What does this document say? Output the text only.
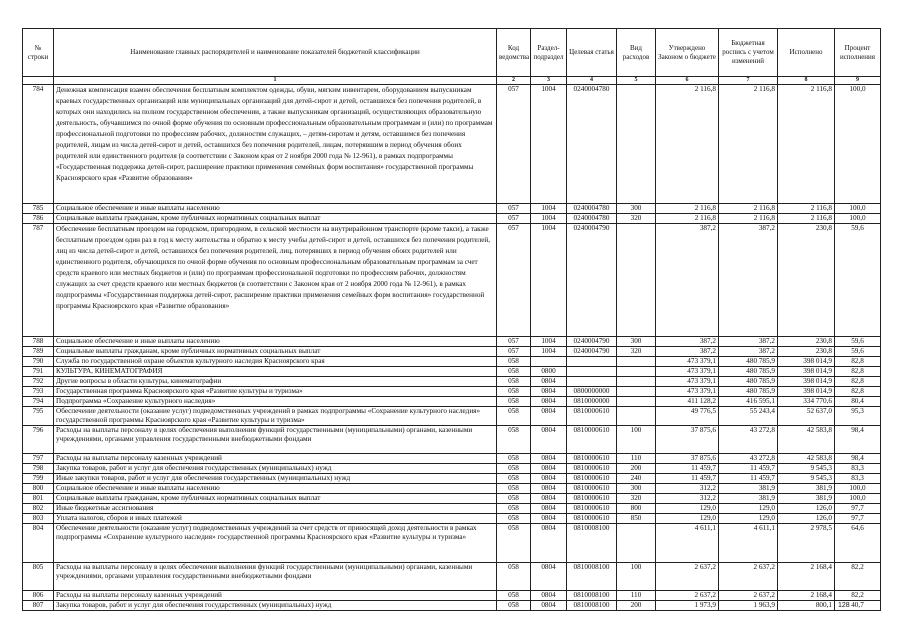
№ строки	Наименование главных распорядителей и наименование показателей бюджетной классификации	Код ведомства	Раздел-подраздел	Целевая статья	Вид расходов	Утверждено Законом о бюджете	Бюджетная роспись с учетом изменений	Исполнено	Процент исполнения
	1	2	3	4	5	6	7	8	9
784	Денежная компенсация взамен обеспечения бесплатным комплектом одежды, обуви, мягким инвентарем, оборудованием выпускникам краевых государственных организаций или муниципальных организаций для детей-сирот и детей, оставшихся без попечения родителей, в которых они находились на полном государственном обеспечении, а также выпускникам организаций, осуществляющих образовательную деятельность, обучавшимся по очной форме обучения по основным профессиональным образовательным программам и (или) по программам профессиональной подготовки по профессиям рабочих, должностям служащих, – детям-сиротам и детям, оставшимся без попечения родителей, лицам из числа детей-сирот и детей, оставшихся без попечения родителей, лицам, потерявшим в период обучения обоих родителей или единственного родителя (в соответствии с Законом края от 2 ноября 2000 года № 12-961), в рамках подпрограммы «Государственная поддержка детей-сирот, расширение практики применения семейных форм воспитания» государственной программы Красноярского края «Развитие образования»	057	1004	0240004780		2 116,8	2 116,8	2 116,8	100,0
785	Социальное обеспечение и иные выплаты населению	057	1004	0240004780	300	2 116,8	2 116,8	2 116,8	100,0
786	Социальные выплаты гражданам, кроме публичных нормативных социальных выплат	057	1004	0240004780	320	2 116,8	2 116,8	2 116,8	100,0
787	Обеспечение бесплатным проездом на городском, пригородном, в сельской местности на внутрирайонном транспорте (кроме такси), а также бесплатным проездом один раз в год к месту жительства и обратно к месту учебы детей-сирот и детей, оставшихся без попечения родителей, лиц из числа детей-сирот и детей, оставшихся без попечения родителей, лиц, потерявших в период обучения обоих родителей или единственного родителя, обучающихся по очной форме обучения по основным профессиональным образовательным программам за счет средств краевого или местных бюджетов и (или) по программам профессиональной подготовки по профессиям рабочих, должностям служащих за счет средств краевого или местных бюджетов (в соответствии с Законом края от 2 ноября 2000 года № 12-961), в рамках подпрограммы «Государственная поддержка детей-сирот, расширение практики применения семейных форм воспитания» государственной программы Красноярского края «Развитие образования»	057	1004	0240004790		387,2	387,2	230,8	59,6
788	Социальное обеспечение и иные выплаты населению	057	1004	0240004790	300	387,2	387,2	230,8	59,6
789	Социальные выплаты гражданам, кроме публичных нормативных социальных выплат	057	1004	0240004790	320	387,2	387,2	230,8	59,6
790	Служба по государственной охране объектов культурного наследия Красноярского края	058				473 379,1	480 785,9	398 014,9	82,8
791	КУЛЬТУРА, КИНЕМАТОГРАФИЯ	058	0800			473 379,1	480 785,9	398 014,9	82,8
792	Другие вопросы в области культуры, кинематографии	058	0804			473 379,1	480 785,9	398 014,9	82,8
793	Государственная программа Красноярского края «Развитие культуры и туризма»	058	0804	0800000000		473 379,1	480 785,9	398 014,9	82,8
794	Подпрограмма «Сохранение культурного наследия»	058	0804	0810000000		411 128,2	416 595,1	334 770,6	80,4
795	Обеспечение деятельности (оказание услуг) подведомственных учреждений в рамках подпрограммы «Сохранение культурного наследия» государственной программы Красноярского края «Развитие культуры и туризма»	058	0804	0810000610		49 776,5	55 243,4	52 637,0	95,3
796	Расходы на выплаты персоналу в целях обеспечения выполнения функций государственными (муниципальными) органами, казенными учреждениями, органами управления государственными внебюджетными фондами	058	0804	0810000610	100	37 875,6	43 272,8	42 583,8	98,4
797	Расходы на выплаты персоналу казенных учреждений	058	0804	0810000610	110	37 875,6	43 272,8	42 583,8	98,4
798	Закупка товаров, работ и услуг для обеспечения государственных (муниципальных) нужд	058	0804	0810000610	200	11 459,7	11 459,7	9 545,3	83,3
799	Иные закупки товаров, работ и услуг для обеспечения государственных (муниципальных) нужд	058	0804	0810000610	240	11 459,7	11 459,7	9 545,3	83,3
800	Социальное обеспечение и иные выплаты населению	058	0804	0810000610	300	312,2	381,9	381,9	100,0
801	Социальные выплаты гражданам, кроме публичных нормативных социальных выплат	058	0804	0810000610	320	312,2	381,9	381,9	100,0
802	Иные бюджетные ассигнования	058	0804	0810000610	800	129,0	129,0	126,0	97,7
803	Уплата налогов, сборов и иных платежей	058	0804	0810000610	850	129,0	129,0	126,0	97,7
804	Обеспечение деятельности (оказание услуг) подведомственных учреждений за счет средств от приносящей доход деятельности в рамках подпрограммы «Сохранение культурного наследия» государственной программы Красноярского края «Развитие культуры и туризма»	058	0804	0810008100		4 611,1	4 611,1	2 978,5	64,6
805	Расходы на выплаты персоналу в целях обеспечения выполнения функций государственными (муниципальными) органами, казенными учреждениями, органами управления государственными внебюджетными фондами	058	0804	0810008100	100	2 637,2	2 637,2	2 168,4	82,2
806	Расходы на выплаты персоналу казенных учреждений	058	0804	0810008100	110	2 637,2	2 637,2	2 168,4	82,2
807	Закупка товаров, работ и услуг для обеспечения государственных (муниципальных) нужд	058	0804	0810008100	200	1 973,9	1 963,9	800,1	40,7
128
